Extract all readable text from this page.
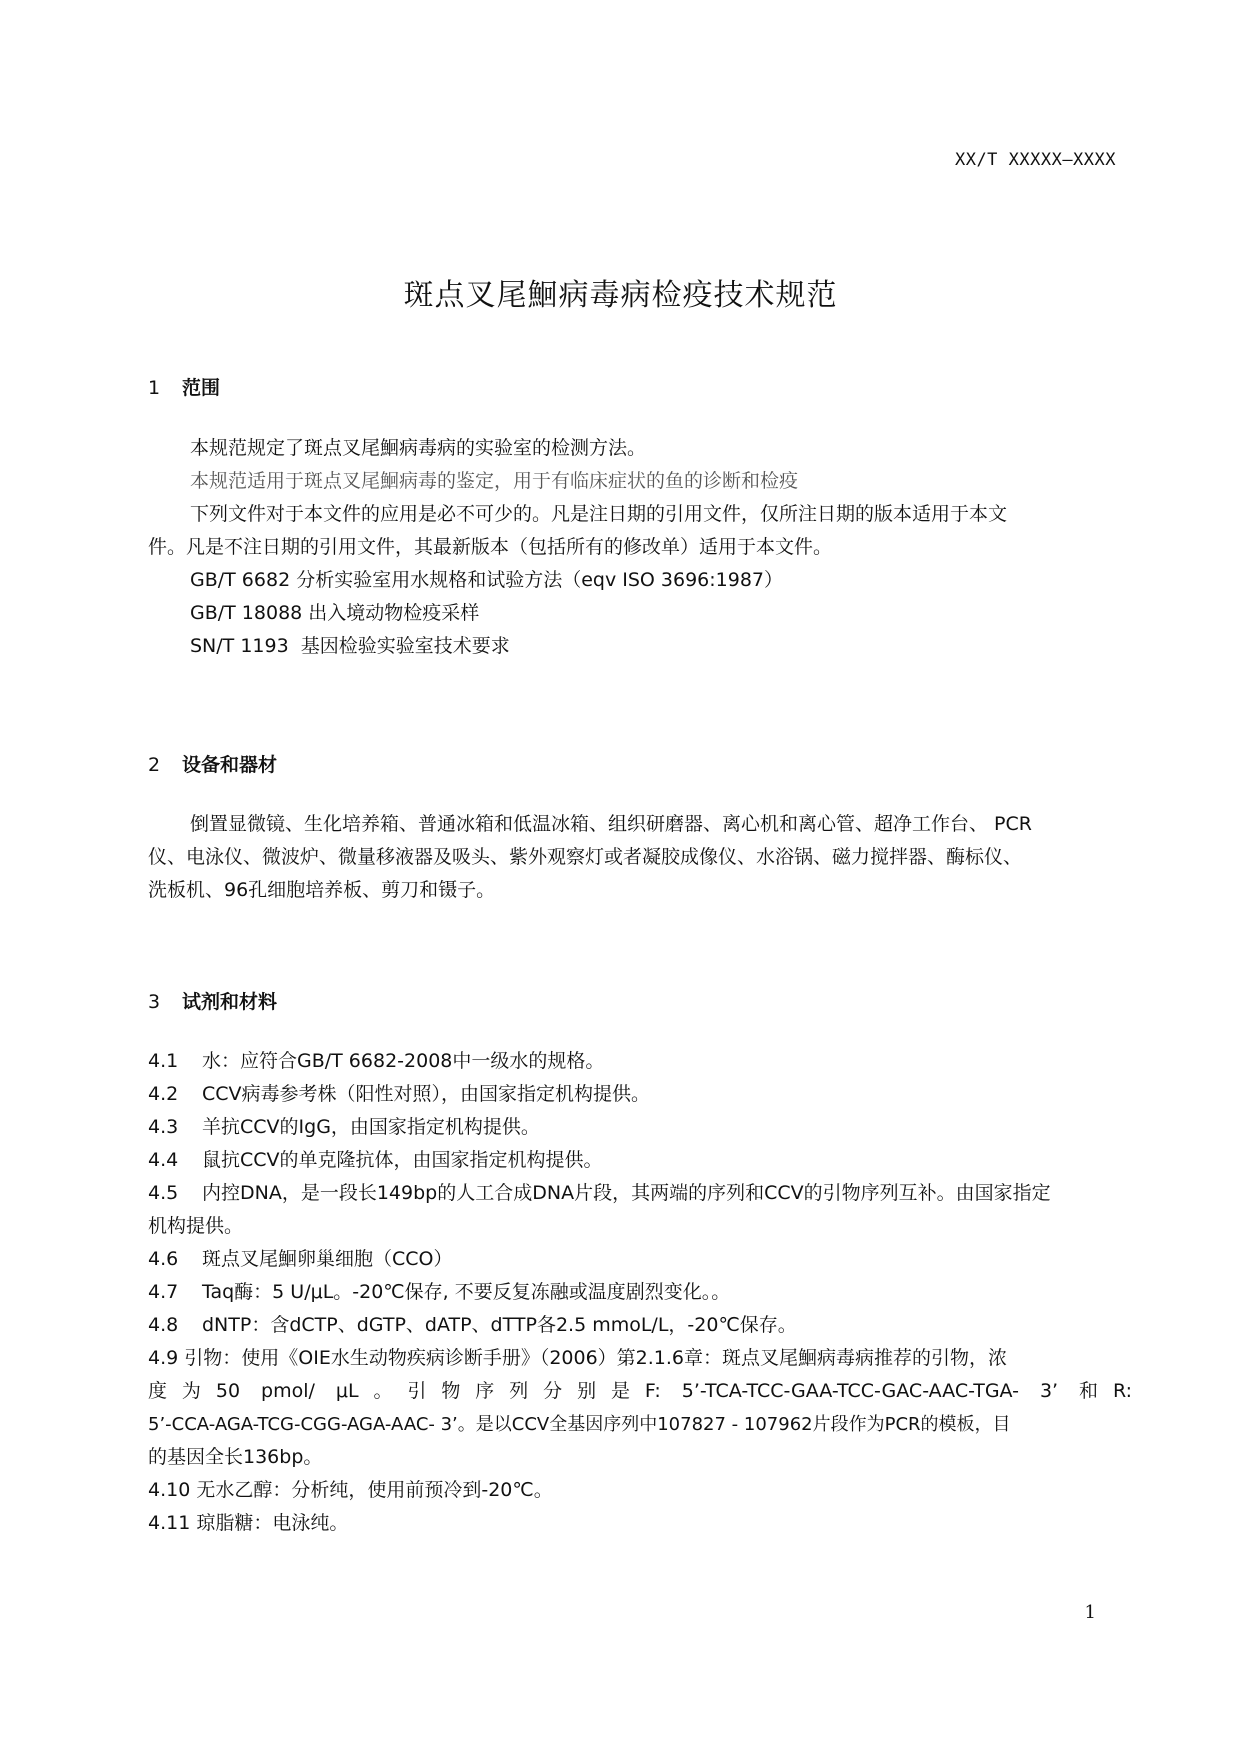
XX/T XXXXX—XXXX
斑点叉尾鮰病毒病检疫技术规范
1 范围

本规范规定了斑点叉尾鮰病毒病的实验室的检测方法。

本规范适用于斑点叉尾鮰病毒的鉴定，用于有临床症状的鱼的诊断和检疫

下列文件对于本文件的应用是必不可少的。凡是注日期的引用文件，仅所注日期的版本适用于本文

件。凡是不注日期的引用文件，其最新版本（包括所有的修改单）适用于本文件。

GB/T 6682 分析实验室用水规格和试验方法（eqv ISO 3696:1987）

GB/T 18088 出入境动物检疫采样

SN/T 1193  基因检验实验室技术要求

2 设备和器材

倒置显微镜、生化培养箱、普通冰箱和低温冰箱、组织研磨器、离心机和离心管、超净工作台、 PCR

仪、电泳仪、微波炉、微量移液器及吸头、紫外观察灯或者凝胶成像仪、水浴锅、磁力搅拌器、酶标仪、

洗板机、96孔细胞培养板、剪刀和镊子。

3 试剂和材料

4.1 水：应符合GB/T 6682-2008中一级水的规格。

4.2 CCV病毒参考株（阳性对照），由国家指定机构提供。

4.3 羊抗CCV的IgG，由国家指定机构提供。

4.4 鼠抗CCV的单克隆抗体，由国家指定机构提供。

4.5 内控DNA，是一段长149bp的人工合成DNA片段，其两端的序列和CCV的引物序列互补。由国家指定

机构提供。

4.6 斑点叉尾鮰卵巢细胞（CCO）

4.7 Taq酶：5 U/μL。-20℃保存, 不要反复冻融或温度剧烈变化。。

4.8 dNTP：含dCTP、dGTP、dATP、dTTP各2.5 mmoL/L，-20℃保存。

4.9 引物：使用《OIE水生动物疾病诊断手册》（2006）第2.1.6章：斑点叉尾鮰病毒病推荐的引物，浓

度为50 pmol/ μL。引物序列分别是F: 5’-TCA-TCC-GAA-TCC-GAC-AAC-TGA- 3’ 和R:

5’-CCA-AGA-TCG-CGG-AGA-AAC- 3’。是以CCV全基因序列中107827 - 107962片段作为PCR的模板，目

的基因全长136bp。

4.10 无水乙醇：分析纯，使用前预冷到-20℃。

4.11 琼脂糖：电泳纯。

1
